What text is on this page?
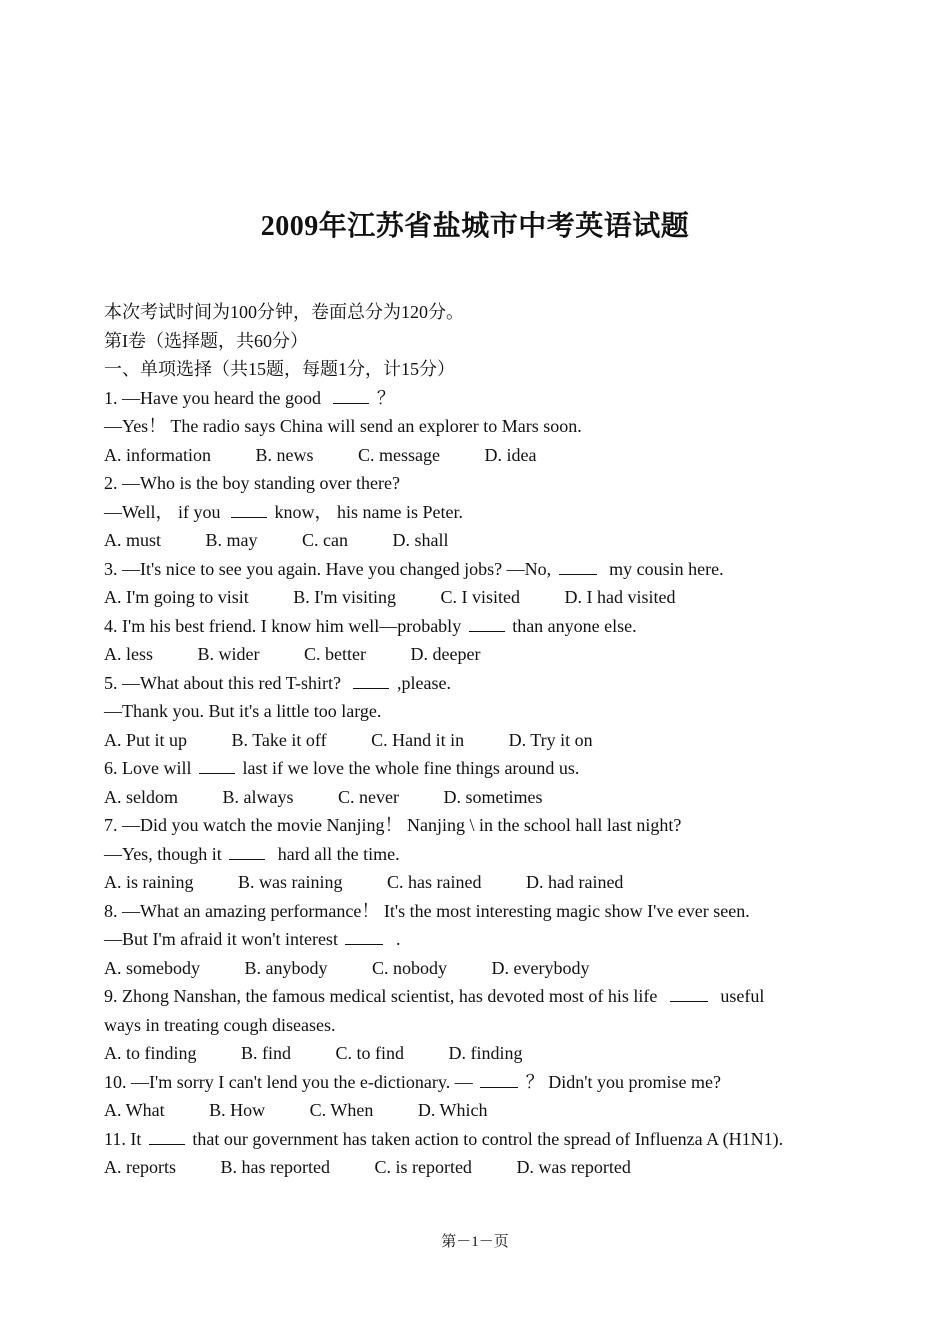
2009年江苏省盐城市中考英语试题
本次考试时间为100分钟，卷面总分为120分。
第I卷（选择题，共60分）
一、单项选择（共15题，每题1分，计15分）
1. —Have you heard the good	？
—Yes！ The radio says China will send an explorer to Mars soon.
A. information B. news C. message D. idea
2. —Who is the boy standing over there?
—Well， if you	know， his name is Peter.
A. must B. may C. can D. shall
3. —It's nice to see you again. Have you changed jobs? —No,	my cousin here.
A. I'm going to visit B. I'm visiting C. I visited D. I had visited
4. I'm his best friend. I know him well—probably	than anyone else.
A. less B. wider C. better D. deeper
5. —What about this red T-shirt?	,please.
—Thank you. But it's a little too large.
A. Put it up B. Take it off C. Hand it in D. Try it on
6. Love will	last if we love the whole fine things around us.
A. seldom B. always C. never D. sometimes
7. —Did you watch the movie Nanjing！ Nanjing \ in the school hall last night?
—Yes, though it	hard all the time.
A. is raining B. was raining C. has rained D. had rained
8. —What an amazing performance！ It's the most interesting magic show I've ever seen.
—But I'm afraid it won't interest	.
A. somebody B. anybody C. nobody D. everybody
9. Zhong Nanshan, the famous medical scientist, has devoted most of his life	useful
ways in treating cough diseases.
A. to finding B. find C. to find D. finding
10. —I'm sorry I can't lend you the e-dictionary. —	？ Didn't you promise me?
A. What B. How C. When D. Which
11. It	that our government has taken action to control the spread of Influenza A (H1N1).
A. reports B. has reported C. is reported D. was reported
第－1－页
